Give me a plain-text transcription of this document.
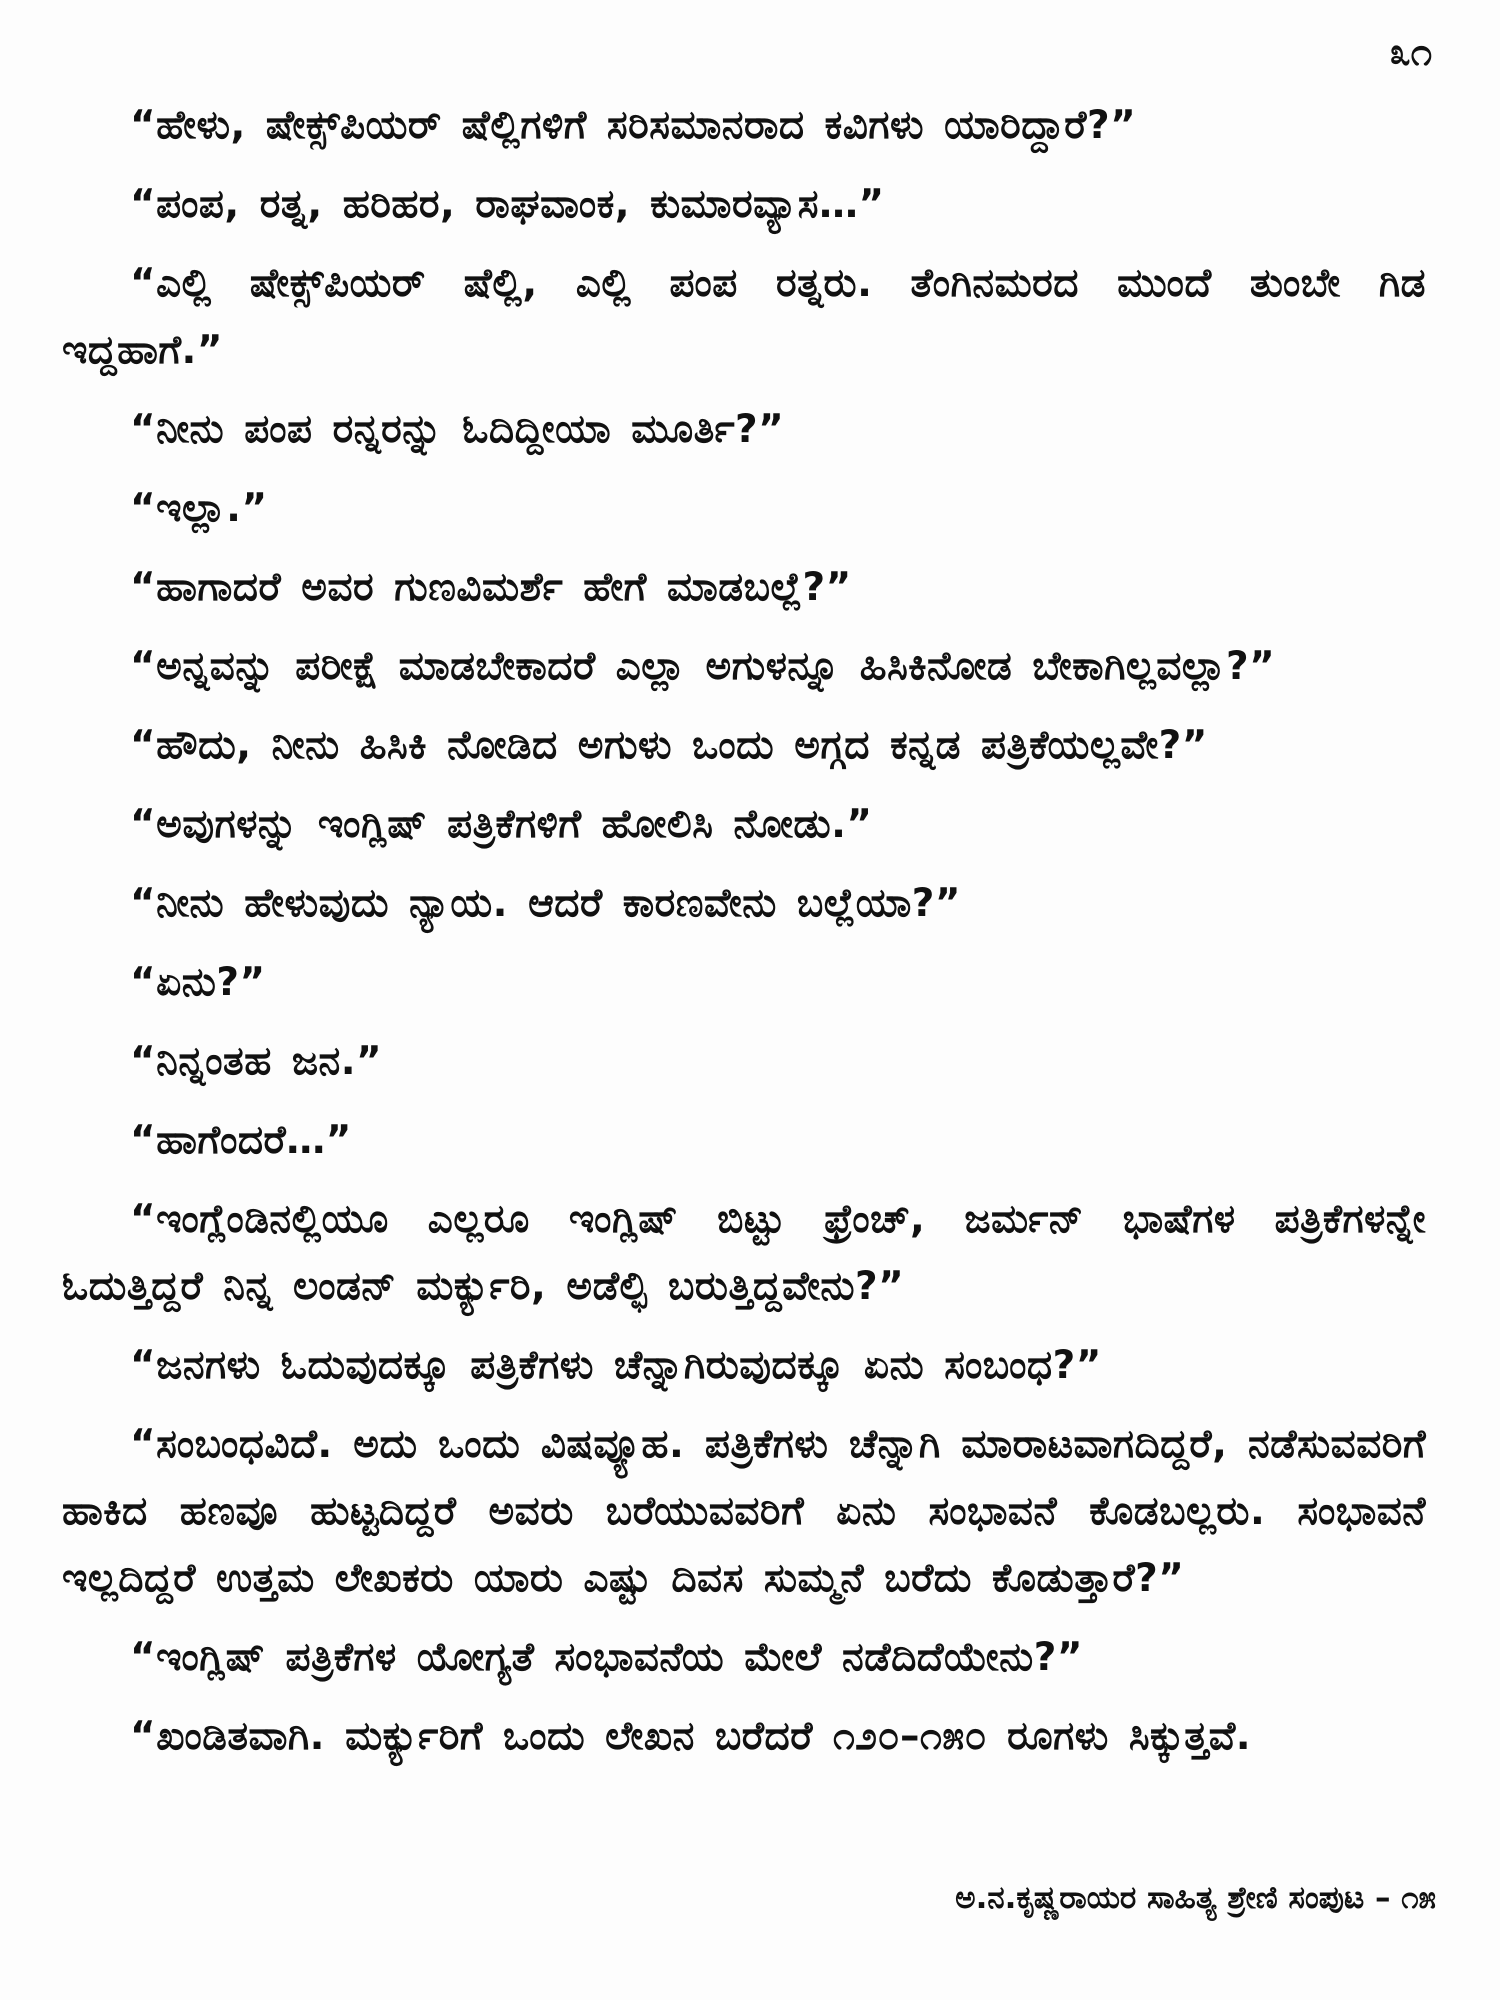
೩೧

“ಹೇಳು, ಷೇಕ್ಸ್‌ಪಿಯರ್ ಷೆಲ್ಲಿಗಳಿಗೆ ಸರಿಸಮಾನರಾದ ಕವಿಗಳು ಯಾರಿದ್ದಾರೆ?”

“ಪಂಪ, ರತ್ನ, ಹರಿಹರ, ರಾಘವಾಂಕ, ಕುಮಾರವ್ಯಾಸ…”

“ಎಲ್ಲಿ ಷೇಕ್ಸ್‌ಪಿಯರ್ ಷೆಲ್ಲಿ, ಎಲ್ಲಿ ಪಂಪ ರತ್ನರು. ತೆಂಗಿನಮರದ ಮುಂದೆ ತುಂಬೇ ಗಿಡ ಇದ್ದಹಾಗೆ.”

“ನೀನು ಪಂಪ ರನ್ನರನ್ನು ಓದಿದ್ದೀಯಾ ಮೂರ್ತಿ?”

“ಇಲ್ಲಾ.”

“ಹಾಗಾದರೆ ಅವರ ಗುಣವಿಮರ್ಶೆ ಹೇಗೆ ಮಾಡಬಲ್ಲೆ?”

“ಅನ್ನವನ್ನು ಪರೀಕ್ಷೆ ಮಾಡಬೇಕಾದರೆ ಎಲ್ಲಾ ಅಗುಳನ್ನೂ ಹಿಸಿಕಿನೋಡ ಬೇಕಾಗಿಲ್ಲವಲ್ಲಾ?”

“ಹೌದು, ನೀನು ಹಿಸಿಕಿ ನೋಡಿದ ಅಗುಳು ಒಂದು ಅಗ್ಗದ ಕನ್ನಡ ಪತ್ರಿಕೆಯಲ್ಲವೇ?”

“ಅವುಗಳನ್ನು ಇಂಗ್ಲಿಷ್ ಪತ್ರಿಕೆಗಳಿಗೆ ಹೋಲಿಸಿ ನೋಡು.”

“ನೀನು ಹೇಳುವುದು ನ್ಯಾಯ. ಆದರೆ ಕಾರಣವೇನು ಬಲ್ಲೆಯಾ?”

“ಏನು?”

“ನಿನ್ನಂತಹ ಜನ.”

“ಹಾಗೆಂದರೆ…”

“ಇಂಗ್ಲೆಂಡಿನಲ್ಲಿಯೂ ಎಲ್ಲರೂ ಇಂಗ್ಲಿಷ್ ಬಿಟ್ಟು ಫ್ರೆಂಚ್, ಜರ್ಮನ್ ಭಾಷೆಗಳ ಪತ್ರಿಕೆಗಳನ್ನೇ ಓದುತ್ತಿದ್ದರೆ ನಿನ್ನ ಲಂಡನ್ ಮರ್ಕ್ಯುರಿ, ಅಡೆಲ್ಫಿ ಬರುತ್ತಿದ್ದವೇನು?”

“ಜನಗಳು ಓದುವುದಕ್ಕೂ ಪತ್ರಿಕೆಗಳು ಚೆನ್ನಾಗಿರುವುದಕ್ಕೂ ಏನು ಸಂಬಂಧ?”

“ಸಂಬಂಧವಿದೆ. ಅದು ಒಂದು ವಿಷವ್ಯೂಹ. ಪತ್ರಿಕೆಗಳು ಚೆನ್ನಾಗಿ ಮಾರಾಟವಾಗದಿದ್ದರೆ, ನಡೆಸುವವರಿಗೆ ಹಾಕಿದ ಹಣವೂ ಹುಟ್ಟದಿದ್ದರೆ ಅವರು ಬರೆಯುವವರಿಗೆ ಏನು ಸಂಭಾವನೆ ಕೊಡಬಲ್ಲರು. ಸಂಭಾವನೆ ಇಲ್ಲದಿದ್ದರೆ ಉತ್ತಮ ಲೇಖಕರು ಯಾರು ಎಷ್ಟು ದಿವಸ ಸುಮ್ಮನೆ ಬರೆದು ಕೊಡುತ್ತಾರೆ?”

“ಇಂಗ್ಲಿಷ್ ಪತ್ರಿಕೆಗಳ ಯೋಗ್ಯತೆ ಸಂಭಾವನೆಯ ಮೇಲೆ ನಡೆದಿದೆಯೇನು?”

“ಖಂಡಿತವಾಗಿ. ಮರ್ಕ್ಯುರಿಗೆ ಒಂದು ಲೇಖನ ಬರೆದರೆ ೧೨೦–೧೫೦ ರೂಗಳು ಸಿಕ್ಕುತ್ತವೆ.

ಅ.ನ.ಕೃಷ್ಣರಾಯರ ಸಾಹಿತ್ಯ ಶ್ರೇಣಿ ಸಂಪುಟ – ೧೫
